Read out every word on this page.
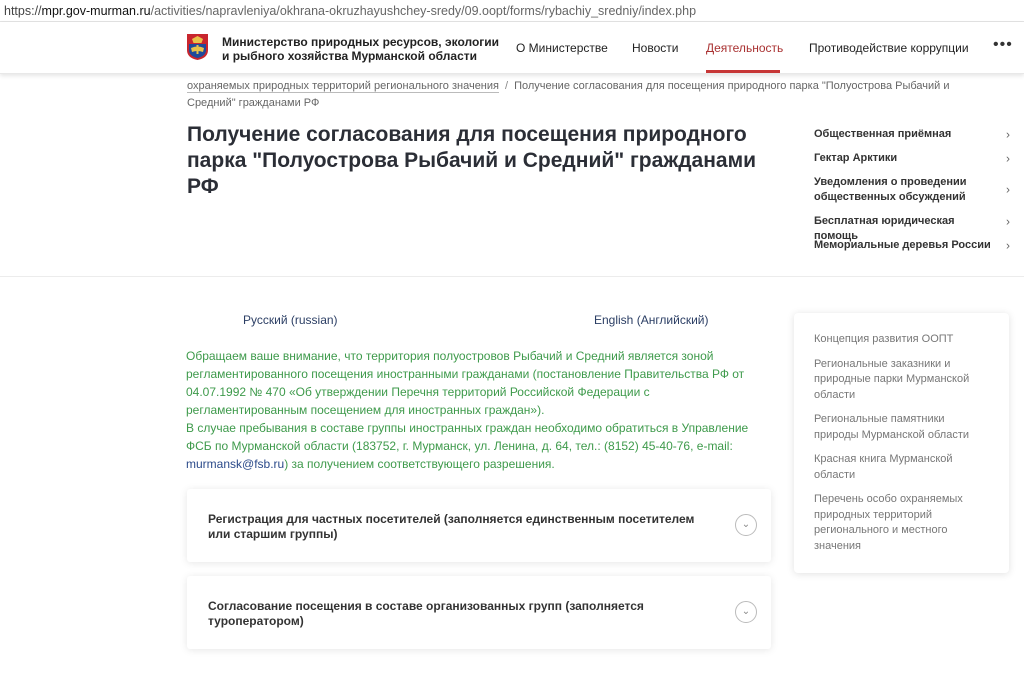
https://mpr.gov-murman.ru/activities/napravleniya/okhrana-okruzhayushchey-sredy/09.oopt/forms/rybachiy_sredniy/index.php
Министерство природных ресурсов, экологии и рыбного хозяйства Мурманской области
О Министерстве Новости Деятельность Противодействие коррупции •••
охраняемых природных территорий регионального значения / Получение согласования для посещения природного парка "Полуострова Рыбачий и Средний" гражданами РФ
Получение согласования для посещения природного парка "Полуострова Рыбачий и Средний" гражданами РФ
Общественная приёмная	›
Гектар Арктики	›
Уведомления о проведении общественных обсуждений
›
Бесплатная юридическая помощь
›
Мемориальные деревья России ›
Русский (russian)	English (Английский)
Обращаем ваше внимание, что территория полуостровов Рыбачий и Средний является зоной регламентированного посещения иностранными гражданами (постановление Правительства РФ от 04.07.1992 № 470 «Об утверждении Перечня территорий Российской Федерации с регламентированным посещением для иностранных граждан»).
В случае пребывания в составе группы иностранных граждан необходимо обратиться в Управление ФСБ по Мурманской области (183752, г. Мурманск, ул. Ленина, д. 64, тел.: (8152) 45-40-76, e-mail: murmansk@fsb.ru) за получением соответствующего разрешения.
Регистрация для частных посетителей (заполняется единственным посетителем или старшим группы)
⌄
Согласование посещения в составе организованных групп (заполняется туроператором)
⌄
Концепция развития ООПТ
Региональные заказники и природные парки Мурманской области
Региональные памятники природы Мурманской области
Красная книга Мурманской области
Перечень особо охраняемых природных территорий регионального и местного значения
